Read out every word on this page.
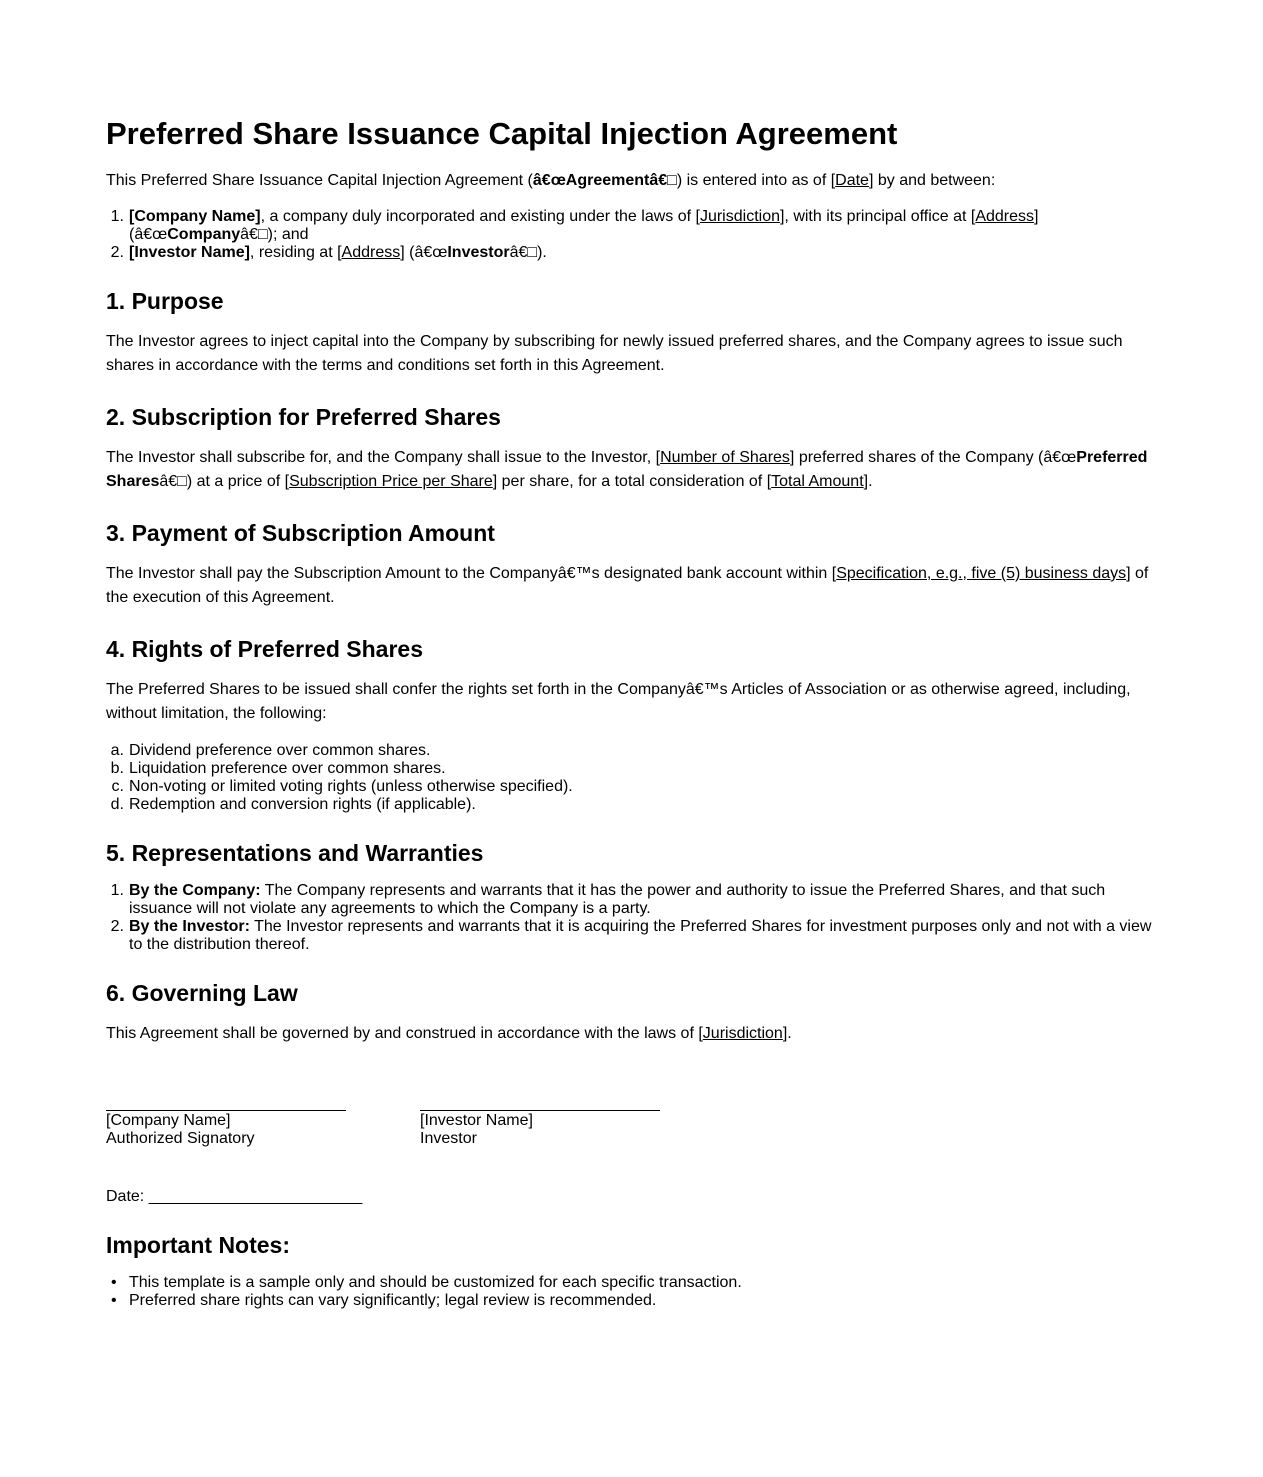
Preferred Share Issuance Capital Injection Agreement

This Preferred Share Issuance Capital Injection Agreement (â€œAgreementâ€□) is entered into as of [Date] by and between:

1. [Company Name], a company duly incorporated and existing under the laws of [Jurisdiction], with its principal office at [Address] (â€œCompanyâ€□); and
2. [Investor Name], residing at [Address] (â€œInvestorâ€□).
1. Purpose

The Investor agrees to inject capital into the Company by subscribing for newly issued preferred shares, and the Company agrees to issue such shares in accordance with the terms and conditions set forth in this Agreement.

2. Subscription for Preferred Shares

The Investor shall subscribe for, and the Company shall issue to the Investor, [Number of Shares] preferred shares of the Company (â€œPreferred Sharesâ€□) at a price of [Subscription Price per Share] per share, for a total consideration of [Total Amount].

3. Payment of Subscription Amount

The Investor shall pay the Subscription Amount to the Companyâ€™s designated bank account within [Specification, e.g., five (5) business days] of the execution of this Agreement.

4. Rights of Preferred Shares

The Preferred Shares to be issued shall confer the rights set forth in the Companyâ€™s Articles of Association or as otherwise agreed, including, without limitation, the following:

a. Dividend preference over common shares.
b. Liquidation preference over common shares.
c. Non-voting or limited voting rights (unless otherwise specified).
d. Redemption and conversion rights (if applicable).
5. Representations and Warranties
1. By the Company: The Company represents and warrants that it has the power and authority to issue the Preferred Shares, and that such issuance will not violate any agreements to which the Company is a party.
2. By the Investor: The Investor represents and warrants that it is acquiring the Preferred Shares for investment purposes only and not with a view to the distribution thereof.
6. Governing Law

This Agreement shall be governed by and construed in accordance with the laws of [Jurisdiction].

[Company Name]
Authorized Signatory
[Investor Name]
Investor
Date: ________________________
Important Notes:
• This template is a sample only and should be customized for each specific transaction.
• Preferred share rights can vary significantly; legal review is recommended.
